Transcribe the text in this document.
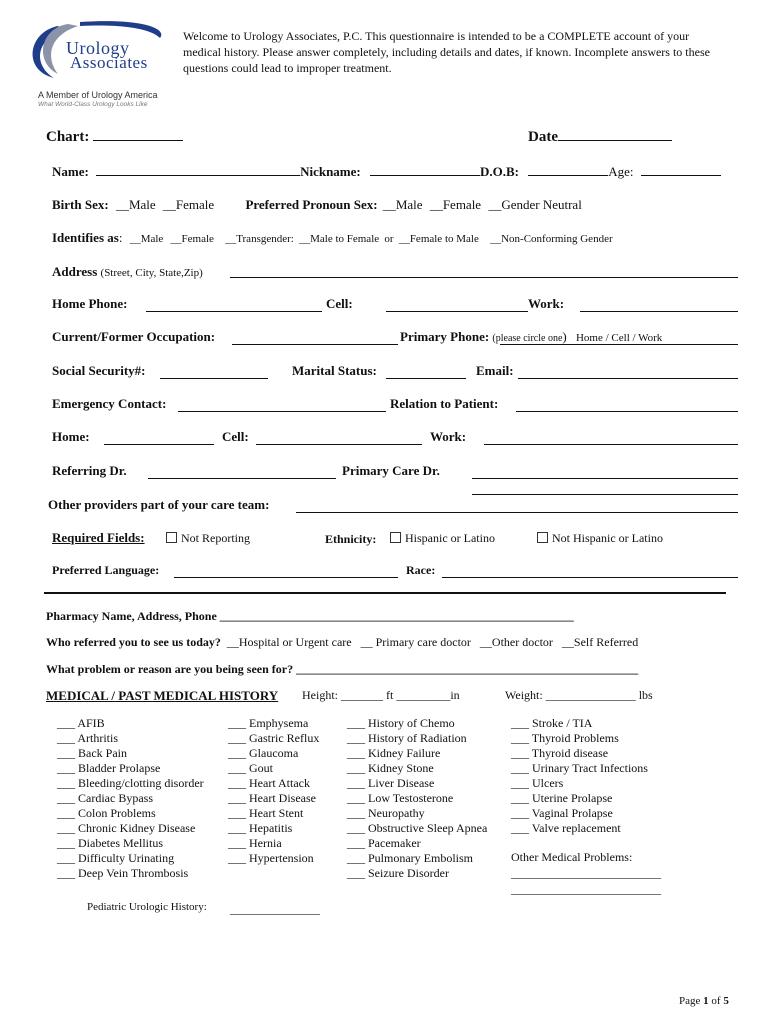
Urology
Associates
A Member of Urology America
What World-Class Urology Looks Like
Welcome to Urology Associates, P.C. This questionnaire is intended to be a COMPLETE account of your medical history. Please answer completely, including details and dates, if known. Incomplete answers to these questions could lead to improper treatment.
Chart:	Date
Name:	Nickname:	D.O.B:	Age:
Birth Sex: __Male __Female Preferred Pronoun Sex: __Male __Female __Gender Neutral
Identifies as: __Male __Female __Transgender: __Male to Female or __Female to Male __Non-Conforming Gender
Address (Street, City, State,Zip)
Home Phone:	Cell:	Work:
Current/Former Occupation:	Primary Phone: (please circle one) Home / Cell / Work
Social Security#:	Marital Status:	Email:
Emergency Contact:	Relation to Patient:
Home:	Cell:	Work:
Referring Dr.	Primary Care Dr.
Other providers part of your care team:
Required Fields:	Not Reporting	Ethnicity:	Hispanic or Latino	Not Hispanic or Latino
Preferred Language:	Race:
Pharmacy Name, Address, Phone ___________________________________________________________
Who referred you to see us today? __Hospital or Urgent care __ Primary care doctor __Other doctor __Self Referred
What problem or reason are you being seen for? _________________________________________________________
MEDICAL / PAST MEDICAL HISTORY Height: _______ ft _________in	Weight: _______________ lbs
___ AFIB
___ Arthritis
___ Back Pain
___ Bladder Prolapse
___ Bleeding/clotting disorder
___ Cardiac Bypass
___ Colon Problems
___ Chronic Kidney Disease
___ Diabetes Mellitus
___ Difficulty Urinating
___ Deep Vein Thrombosis
___ Emphysema
___ Gastric Reflux
___ Glaucoma
___ Gout
___ Heart Attack
___ Heart Disease
___ Heart Stent
___ Hepatitis
___ Hernia
___ Hypertension
___ History of Chemo
___ History of Radiation
___ Kidney Failure
___ Kidney Stone
___ Liver Disease
___ Low Testosterone
___ Neuropathy
___ Obstructive Sleep Apnea
___ Pacemaker
___ Pulmonary Embolism
___ Seizure Disorder
___ Stroke / TIA
___ Thyroid Problems
___ Thyroid disease
___ Urinary Tract Infections
___ Ulcers
___ Uterine Prolapse
___ Vaginal Prolapse
___ Valve replacement
Other Medical Problems:
_________________________
_________________________
Pediatric Urologic History: _______________
Page 1 of 5
